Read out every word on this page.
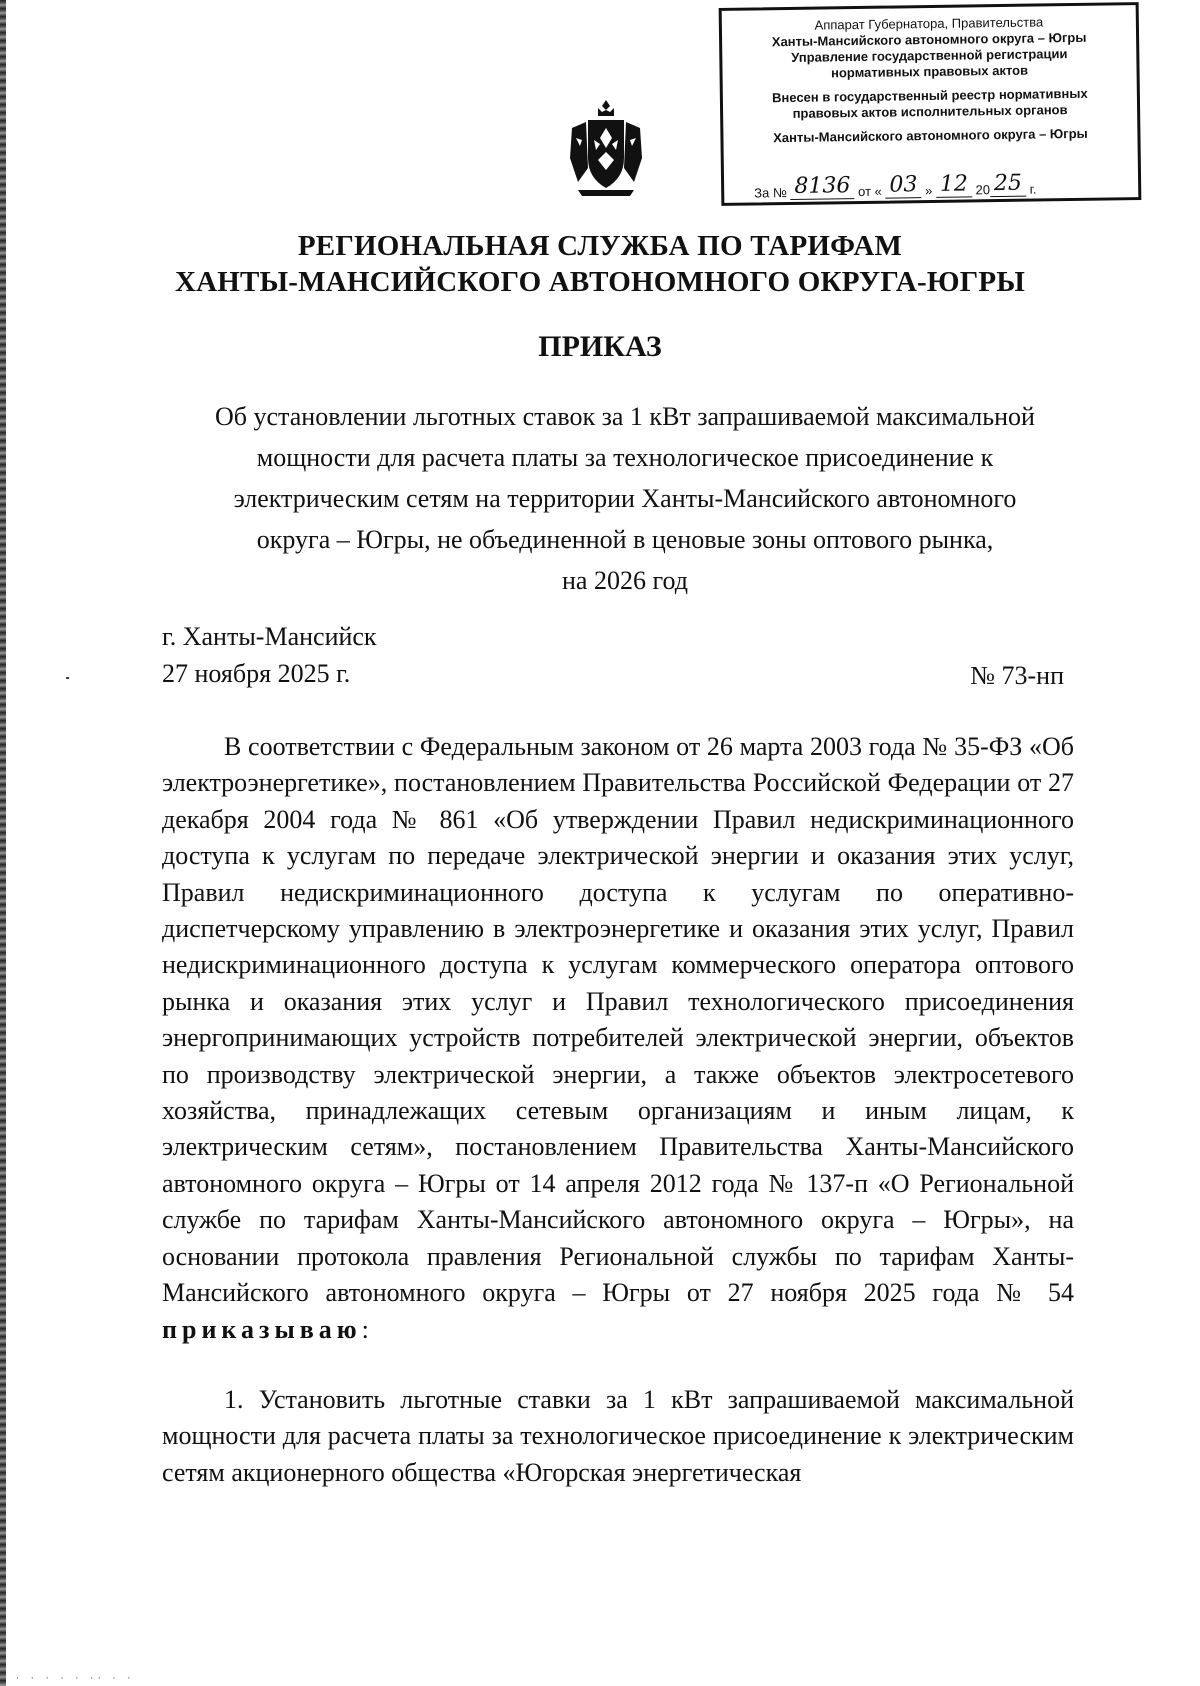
Аппарат Губернатора, Правительства
Ханты-Мансийского автономного округа – Югры
Управление государственной регистрации
нормативных правовых актов
Внесен в государственный реестр нормативных
правовых актов исполнительных органов
Ханты-Мансийского автономного округа – Югры
За № 8136 от « 03 » 12 20 25 г.
РЕГИОНАЛЬНАЯ СЛУЖБА ПО ТАРИФАМ
ХАНТЫ-МАНСИЙСКОГО АВТОНОМНОГО ОКРУГА-ЮГРЫ
ПРИКАЗ
Об установлении льготных ставок за 1 кВт запрашиваемой максимальной
мощности для расчета платы за технологическое присоединение к
электрическим сетям на территории Ханты-Мансийского автономного
округа – Югры, не объединенной в ценовые зоны оптового рынка,
на 2026 год
г. Ханты-Мансийск
27 ноября 2025 г.	№ 73-нп

В соответствии с Федеральным законом от 26 марта 2003 года № 35-ФЗ «Об электроэнергетике», постановлением Правительства Российской Федерации от 27 декабря 2004 года № 861 «Об утверждении Правил недискриминационного доступа к услугам по передаче электрической энергии и оказания этих услуг, Правил недискриминационного доступа к услугам по оперативно-диспетчерскому управлению в электроэнергетике и оказания этих услуг, Правил недискриминационного доступа к услугам коммерческого оператора оптового рынка и оказания этих услуг и Правил технологического присоединения энергопринимающих устройств потребителей электрической энергии, объектов по производству электрической энергии, а также объектов электросетевого хозяйства, принадлежащих сетевым организациям и иным лицам, к электрическим сетям», постановлением Правительства Ханты-Мансийского автономного округа – Югры от 14 апреля 2012 года № 137-п «О Региональной службе по тарифам Ханты-Мансийского автономного округа – Югры», на основании протокола правления Региональной службы по тарифам Ханты-Мансийского автономного округа – Югры от 27 ноября 2025 года № 54 приказываю:

1. Установить льготные ставки за 1 кВт запрашиваемой максимальной мощности для расчета платы за технологическое присоединение к электрическим сетям акционерного общества «Югорская энергетическая

· · · · · · ·· · ·
